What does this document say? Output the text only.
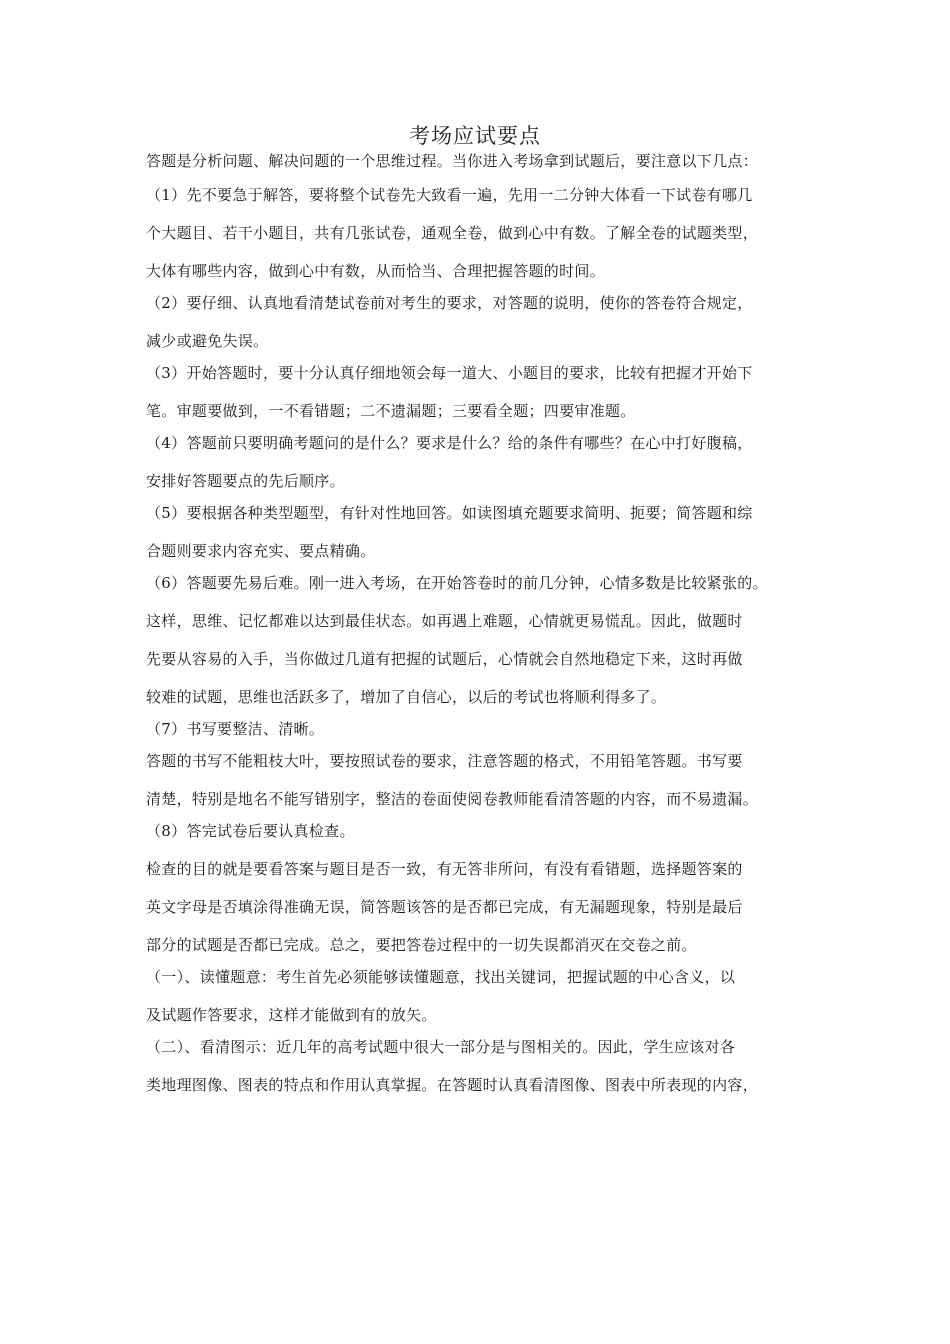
考场应试要点
答题是分析问题、解决问题的一个思维过程。当你进入考场拿到试题后，要注意以下几点：
（1）先不要急于解答，要将整个试卷先大致看一遍，先用一二分钟大体看一下试卷有哪几
个大题目、若干小题目，共有几张试卷，通观全卷，做到心中有数。了解全卷的试题类型，
大体有哪些内容，做到心中有数，从而恰当、合理把握答题的时间。
（2）要仔细、认真地看清楚试卷前对考生的要求，对答题的说明，使你的答卷符合规定，
减少或避免失误。
（3）开始答题时，要十分认真仔细地领会每一道大、小题目的要求，比较有把握才开始下
笔。审题要做到，一不看错题；二不遗漏题；三要看全题；四要审准题。
（4）答题前只要明确考题问的是什么？要求是什么？给的条件有哪些？在心中打好腹稿，
安排好答题要点的先后顺序。
（5）要根据各种类型题型，有针对性地回答。如读图填充题要求简明、扼要；简答题和综
合题则要求内容充实、要点精确。
（6）答题要先易后难。刚一进入考场，在开始答卷时的前几分钟，心情多数是比较紧张的。
这样，思维、记忆都难以达到最佳状态。如再遇上难题，心情就更易慌乱。因此，做题时
先要从容易的入手，当你做过几道有把握的试题后，心情就会自然地稳定下来，这时再做
较难的试题，思维也活跃多了，增加了自信心，以后的考试也将顺利得多了。
（7）书写要整洁、清晰。
答题的书写不能粗枝大叶，要按照试卷的要求，注意答题的格式，不用铅笔答题。书写要
清楚，特别是地名不能写错别字，整洁的卷面使阅卷教师能看清答题的内容，而不易遗漏。
（8）答完试卷后要认真检查。
检查的目的就是要看答案与题目是否一致，有无答非所问，有没有看错题，选择题答案的
英文字母是否填涂得准确无误，简答题该答的是否都已完成，有无漏题现象，特别是最后
部分的试题是否都已完成。总之，要把答卷过程中的一切失误都消灭在交卷之前。
（一）、读懂题意：考生首先必须能够读懂题意，找出关键词，把握试题的中心含义，以
及试题作答要求，这样才能做到有的放矢。
（二）、看清图示：近几年的高考试题中很大一部分是与图相关的。因此，学生应该对各
类地理图像、图表的特点和作用认真掌握。在答题时认真看清图像、图表中所表现的内容，
